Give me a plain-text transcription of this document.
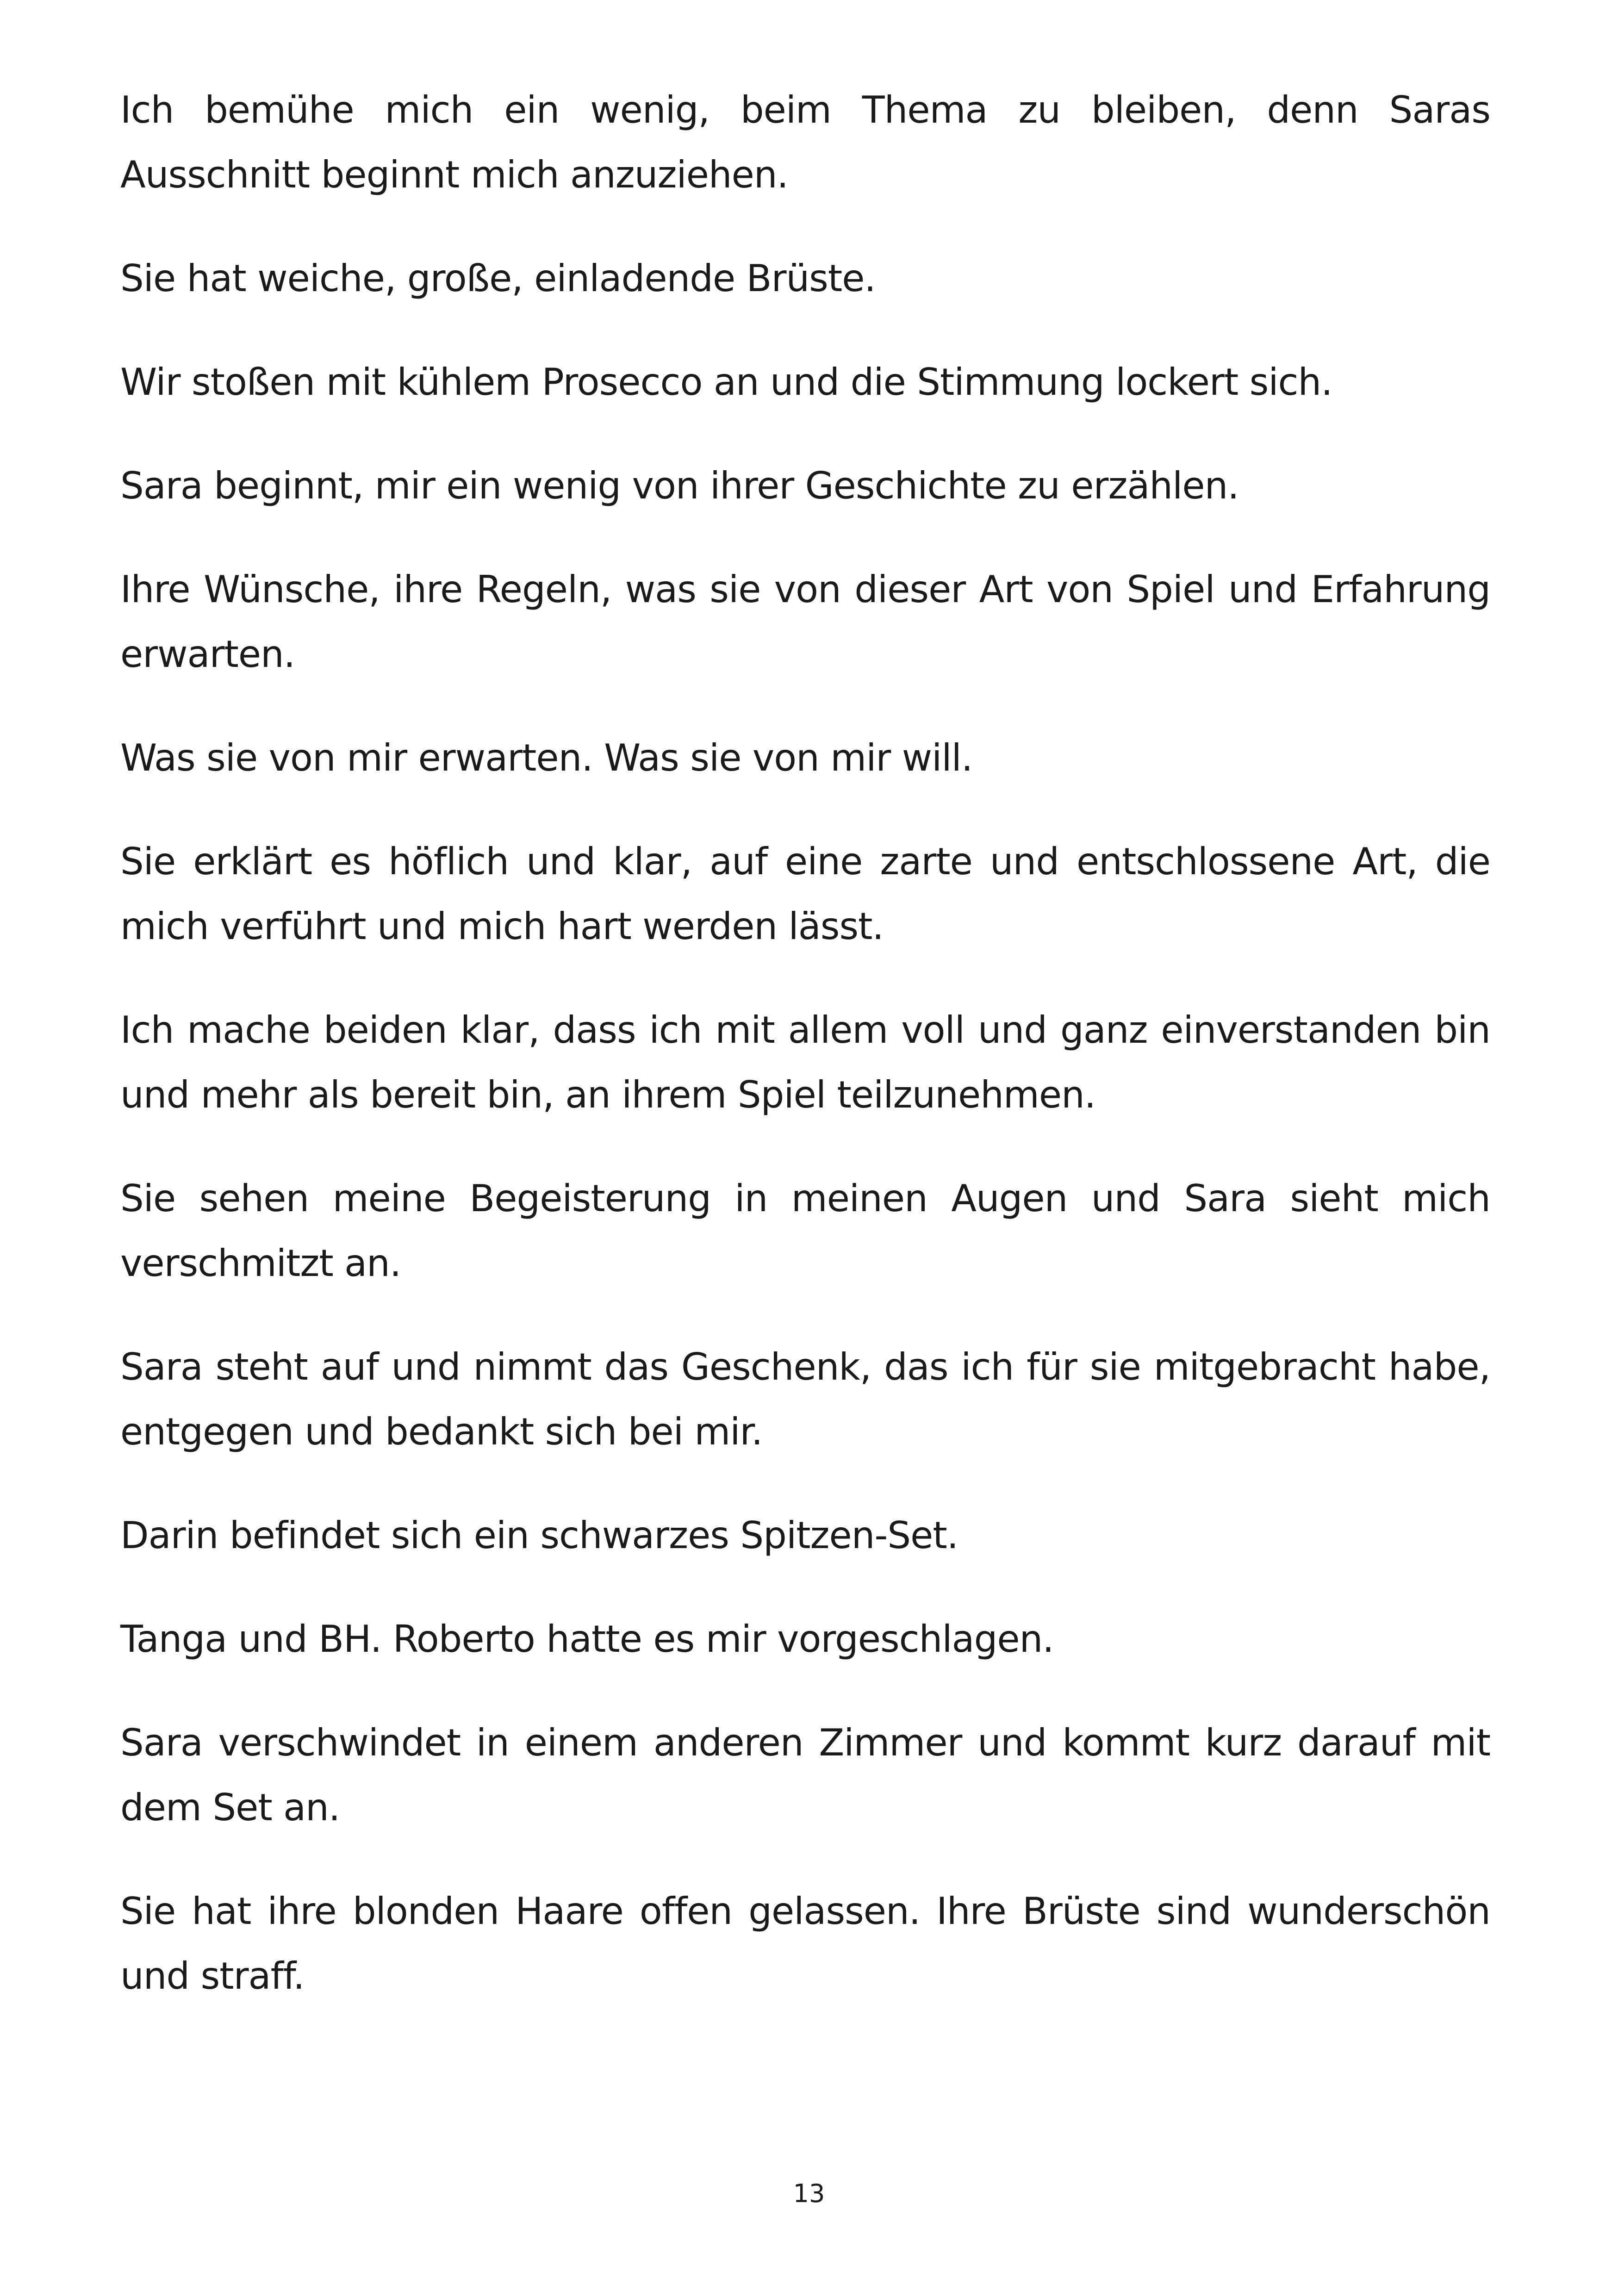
Ich bemühe mich ein wenig, beim Thema zu bleiben, denn Saras Ausschnitt beginnt mich anzuziehen.

Sie hat weiche, große, einladende Brüste.

Wir stoßen mit kühlem Prosecco an und die Stimmung lockert sich.

Sara beginnt, mir ein wenig von ihrer Geschichte zu erzählen.

Ihre Wünsche, ihre Regeln, was sie von dieser Art von Spiel und Erfahrung erwarten.

Was sie von mir erwarten. Was sie von mir will.

Sie erklärt es höflich und klar, auf eine zarte und entschlossene Art, die mich verführt und mich hart werden lässt.

Ich mache beiden klar, dass ich mit allem voll und ganz einverstanden bin und mehr als bereit bin, an ihrem Spiel teilzunehmen.

Sie sehen meine Begeisterung in meinen Augen und Sara sieht mich verschmitzt an.

Sara steht auf und nimmt das Geschenk, das ich für sie mitgebracht habe, entgegen und bedankt sich bei mir.

Darin befindet sich ein schwarzes Spitzen-Set.

Tanga und BH. Roberto hatte es mir vorgeschlagen.

Sara verschwindet in einem anderen Zimmer und kommt kurz darauf mit dem Set an.

Sie hat ihre blonden Haare offen gelassen. Ihre Brüste sind wunderschön und straff.

13
